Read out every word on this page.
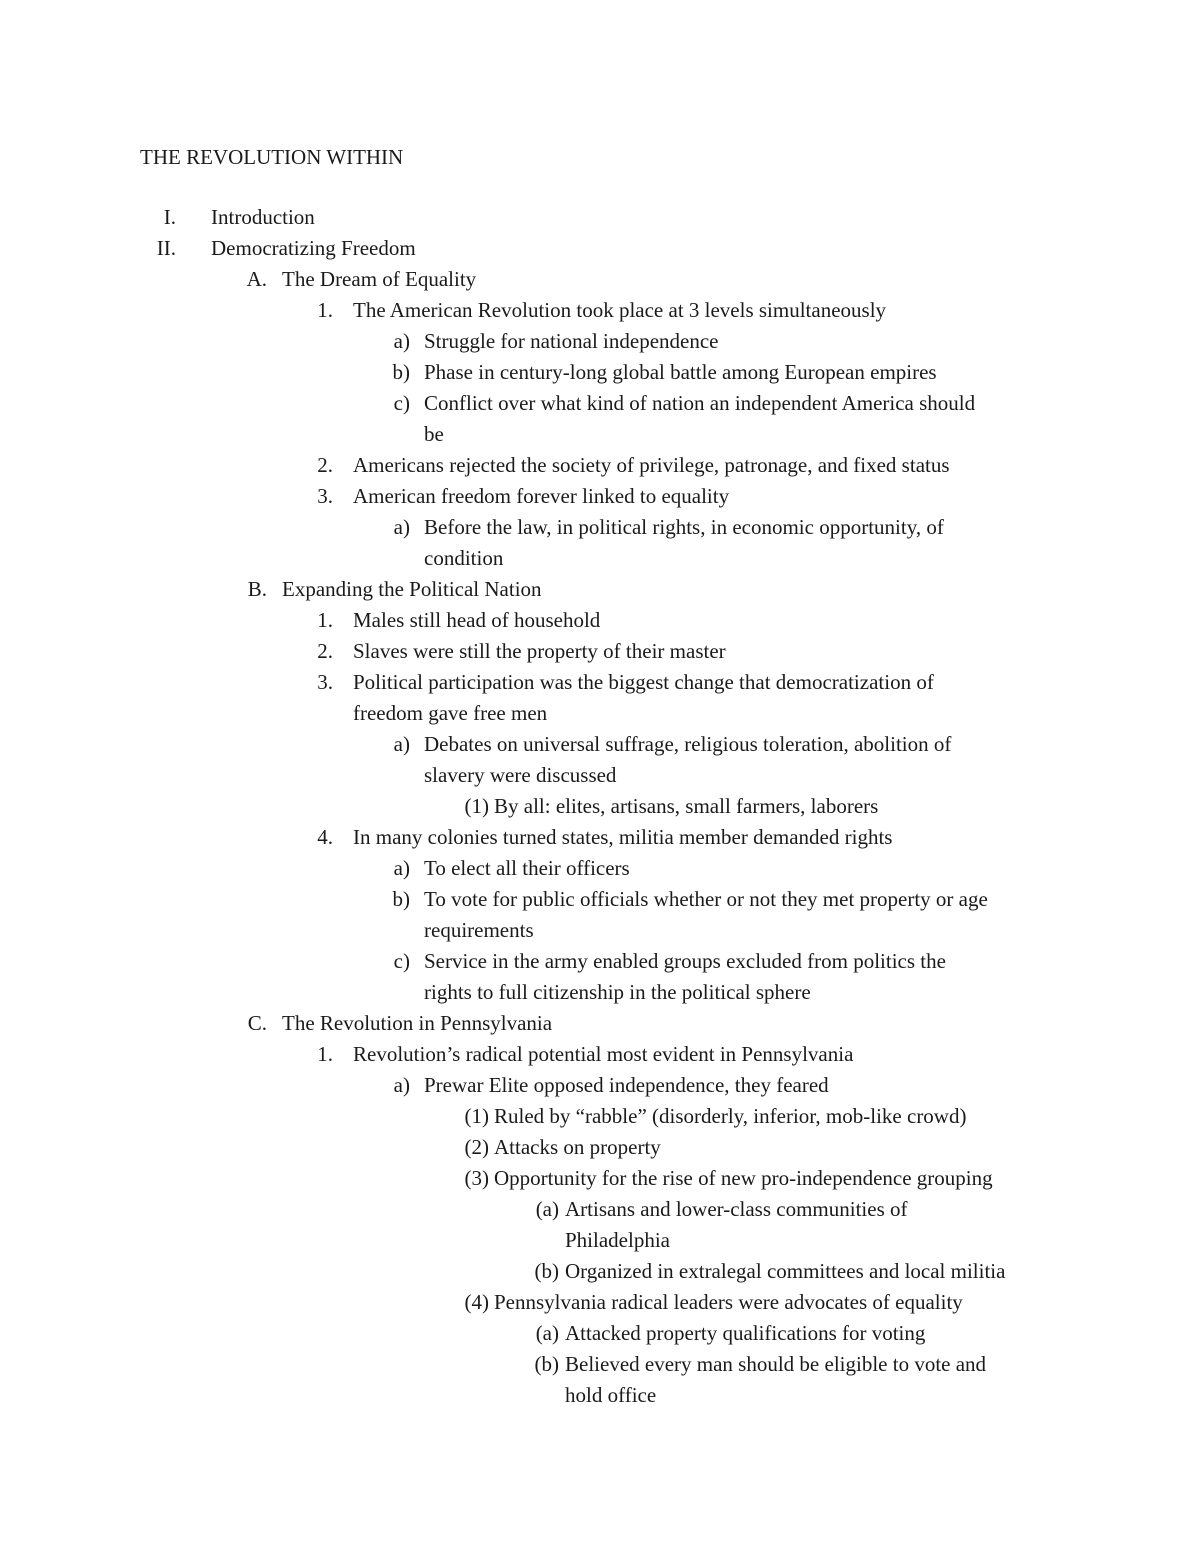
THE REVOLUTION WITHIN
I. Introduction
II. Democratizing Freedom
A. The Dream of Equality
1. The American Revolution took place at 3 levels simultaneously
a) Struggle for national independence
b) Phase in century-long global battle among European empires
c) Conflict over what kind of nation an independent America should
be
2. Americans rejected the society of privilege, patronage, and fixed status
3. American freedom forever linked to equality
a) Before the law, in political rights, in economic opportunity, of
condition
B. Expanding the Political Nation
1. Males still head of household
2. Slaves were still the property of their master
3. Political participation was the biggest change that democratization of
freedom gave free men
a) Debates on universal suffrage, religious toleration, abolition of
slavery were discussed
(1) By all: elites, artisans, small farmers, laborers
4. In many colonies turned states, militia member demanded rights
a) To elect all their officers
b) To vote for public officials whether or not they met property or age
requirements
c) Service in the army enabled groups excluded from politics the
rights to full citizenship in the political sphere
C. The Revolution in Pennsylvania
1. Revolution’s radical potential most evident in Pennsylvania
a) Prewar Elite opposed independence, they feared
(1) Ruled by “rabble” (disorderly, inferior, mob-like crowd)
(2) Attacks on property
(3) Opportunity for the rise of new pro-independence grouping
(a) Artisans and lower-class communities of
Philadelphia
(b) Organized in extralegal committees and local militia
(4) Pennsylvania radical leaders were advocates of equality
(a) Attacked property qualifications for voting
(b) Believed every man should be eligible to vote and
hold office
